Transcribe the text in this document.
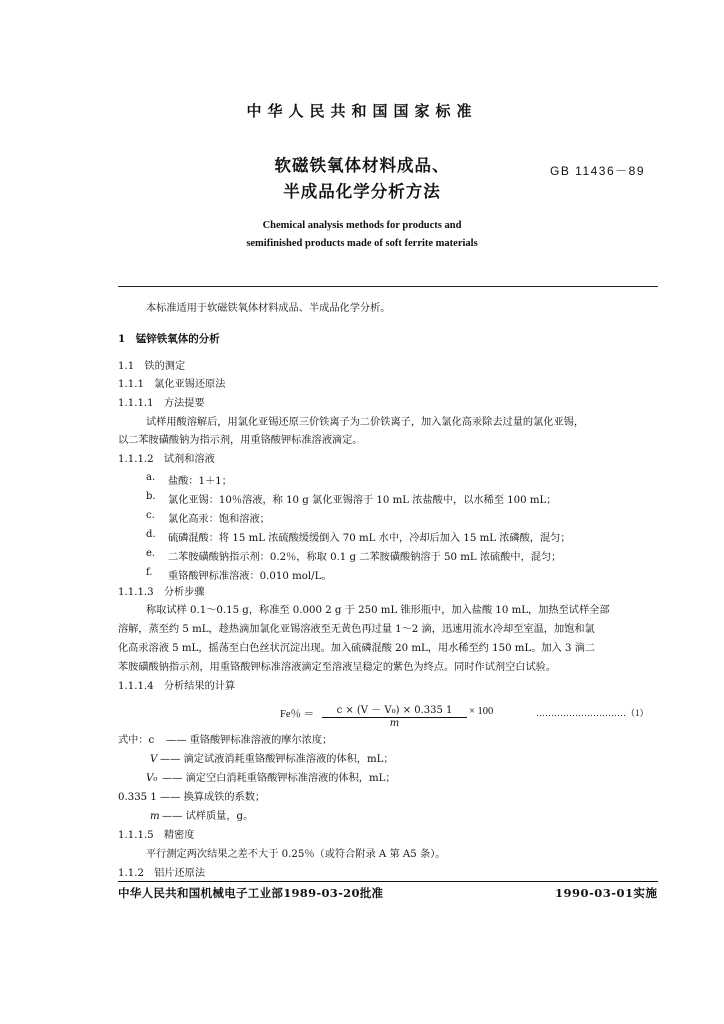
中华人民共和国国家标准
软磁铁氧体材料成品、
半成品化学分析方法
GB 11436－89
Chemical analysis methods for products and
semifinished products made of soft ferrite materials
本标准适用于软磁铁氧体材料成品、半成品化学分析。
1　锰锌铁氧体的分析
1.1　铁的测定
1.1.1　氯化亚锡还原法
1.1.1.1　方法提要
试样用酸溶解后，用氯化亚锡还原三价铁离子为二价铁离子，加入氯化高汞除去过量的氯化亚锡，
以二苯胺磺酸钠为指示剂，用重铬酸钾标准溶液滴定。
1.1.1.2　试剂和溶液
a. 盐酸：1＋1；
b. 氯化亚锡：10％溶液，称 10 g 氯化亚锡溶于 10 mL 浓盐酸中，以水稀至 100 mL；
c. 氯化高汞：饱和溶液；
d. 硫磷混酸：将 15 mL 浓硫酸缓缓倒入 70 mL 水中，冷却后加入 15 mL 浓磷酸，混匀；
e. 二苯胺磺酸钠指示剂：0.2％，称取 0.1 g 二苯胺磺酸钠溶于 50 mL 浓硫酸中，混匀；
f. 重铬酸钾标准溶液：0.010 mol/L。
1.1.1.3　分析步骤
称取试样 0.1～0.15 g，称准至 0.000 2 g 于 250 mL 锥形瓶中，加入盐酸 10 mL，加热至试样全部
溶解，蒸至约 5 mL，趁热滴加氯化亚锡溶液至无黄色再过量 1～2 滴，迅速用流水冷却至室温，加饱和氯
化高汞溶液 5 mL，摇荡至白色丝状沉淀出现。加入硫磷混酸 20 mL，用水稀至约 150 mL。加入 3 滴二
苯胺磺酸钠指示剂，用重铬酸钾标准溶液滴定至溶液呈稳定的紫色为终点。同时作试剂空白试验。
1.1.1.4　分析结果的计算
Fe％ ＝ $\frac{\text{c × (V － V₀) × 0.335 1}}{m} \times 100$	…………………………（1）
式中：c —— 重铬酸钾标准溶液的摩尔浓度；
V —— 滴定试液消耗重铬酸钾标准溶液的体积，mL；
V₀ —— 滴定空白消耗重铬酸钾标准溶液的体积，mL；
0.335 1 —— 换算成铁的系数；
m —— 试样质量，g。
1.1.1.5　精密度
平行测定两次结果之差不大于 0.25％（或符合附录 A 第 A5 条）。
1.1.2　铝片还原法
中华人民共和国机械电子工业部1989-03-20批准	1990-03-01实施
